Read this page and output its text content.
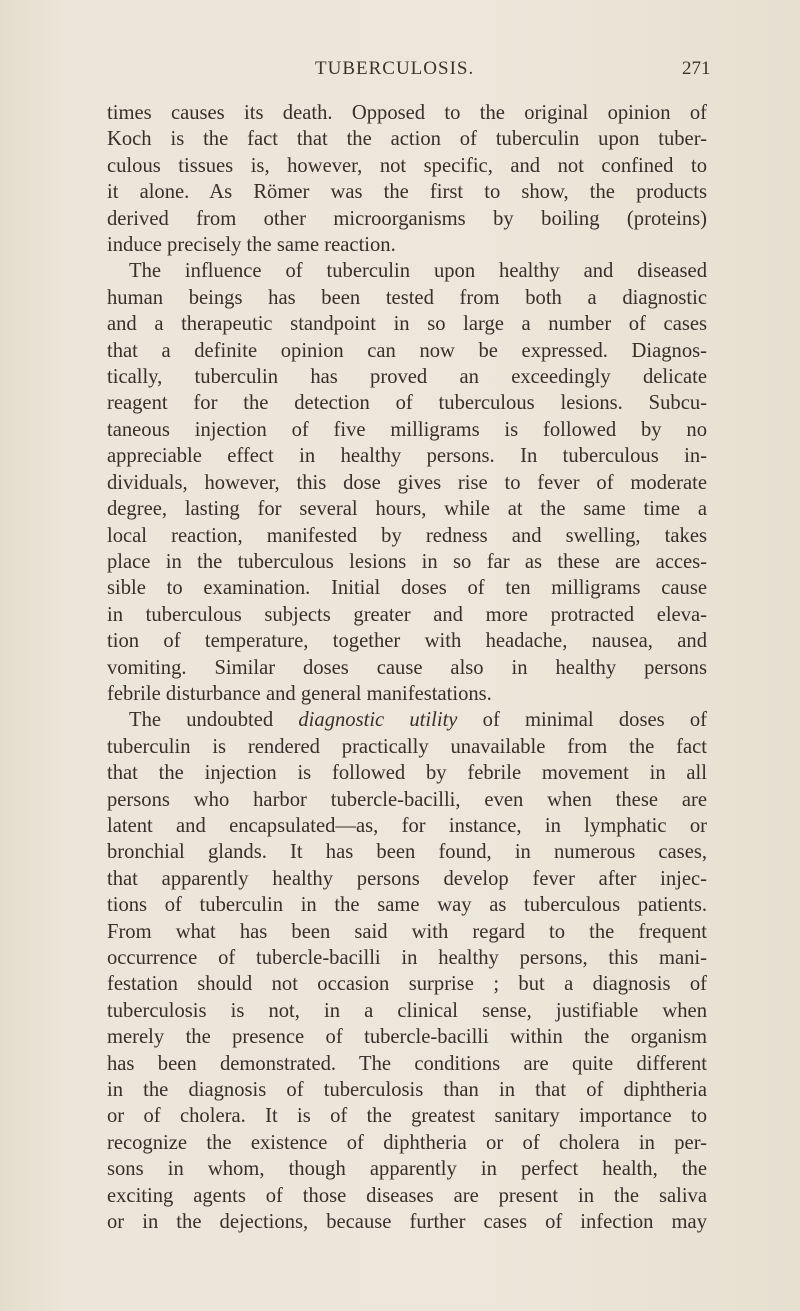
TUBERCULOSIS.	271
times causes its death. Opposed to the original opinion of
Koch is the fact that the action of tuberculin upon tuber-
culous tissues is, however, not specific, and not confined to
it alone. As Römer was the first to show, the products
derived from other microorganisms by boiling (proteins)
induce precisely the same reaction.
The influence of tuberculin upon healthy and diseased
human beings has been tested from both a diagnostic
and a therapeutic standpoint in so large a number of cases
that a definite opinion can now be expressed. Diagnos-
tically, tuberculin has proved an exceedingly delicate
reagent for the detection of tuberculous lesions. Subcu-
taneous injection of five milligrams is followed by no
appreciable effect in healthy persons. In tuberculous in-
dividuals, however, this dose gives rise to fever of moderate
degree, lasting for several hours, while at the same time a
local reaction, manifested by redness and swelling, takes
place in the tuberculous lesions in so far as these are acces-
sible to examination. Initial doses of ten milligrams cause
in tuberculous subjects greater and more protracted eleva-
tion of temperature, together with headache, nausea, and
vomiting. Similar doses cause also in healthy persons
febrile disturbance and general manifestations.
The undoubted diagnostic utility of minimal doses of
tuberculin is rendered practically unavailable from the fact
that the injection is followed by febrile movement in all
persons who harbor tubercle-bacilli, even when these are
latent and encapsulated—as, for instance, in lymphatic or
bronchial glands. It has been found, in numerous cases,
that apparently healthy persons develop fever after injec-
tions of tuberculin in the same way as tuberculous patients.
From what has been said with regard to the frequent
occurrence of tubercle-bacilli in healthy persons, this mani-
festation should not occasion surprise ; but a diagnosis of
tuberculosis is not, in a clinical sense, justifiable when
merely the presence of tubercle-bacilli within the organism
has been demonstrated. The conditions are quite different
in the diagnosis of tuberculosis than in that of diphtheria
or of cholera. It is of the greatest sanitary importance to
recognize the existence of diphtheria or of cholera in per-
sons in whom, though apparently in perfect health, the
exciting agents of those diseases are present in the saliva
or in the dejections, because further cases of infection may
